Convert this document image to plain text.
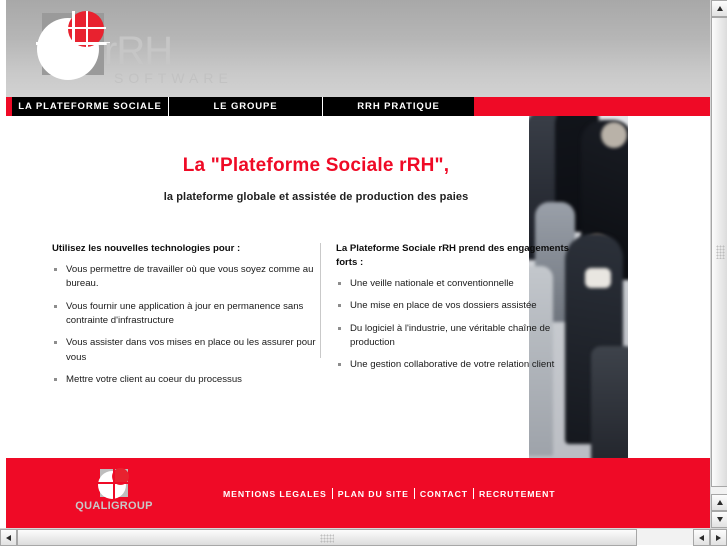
rRH
SOFTWARE
LA PLATEFORME SOCIALE	LE GROUPE	RRH PRATIQUE
La "Plateforme Sociale rRH",
la plateforme globale et assistée de production des paies
Utilisez les nouvelles technologies pour :
Vous permettre de travailler où que vous soyez comme au bureau.
Vous fournir une application à jour en permanence sans contrainte d'infrastructure
Vous assister dans vos mises en place ou les assurer pour vous
Mettre votre client au coeur du processus
La Plateforme Sociale rRH prend des engagements forts :
Une veille nationale et conventionnelle
Une mise en place de vos dossiers assistée
Du logiciel à l'industrie, une véritable chaîne de production
Une gestion collaborative de votre relation client
QUALIGROUP
MENTIONS LEGALES	PLAN DU SITE	CONTACT	RECRUTEMENT
